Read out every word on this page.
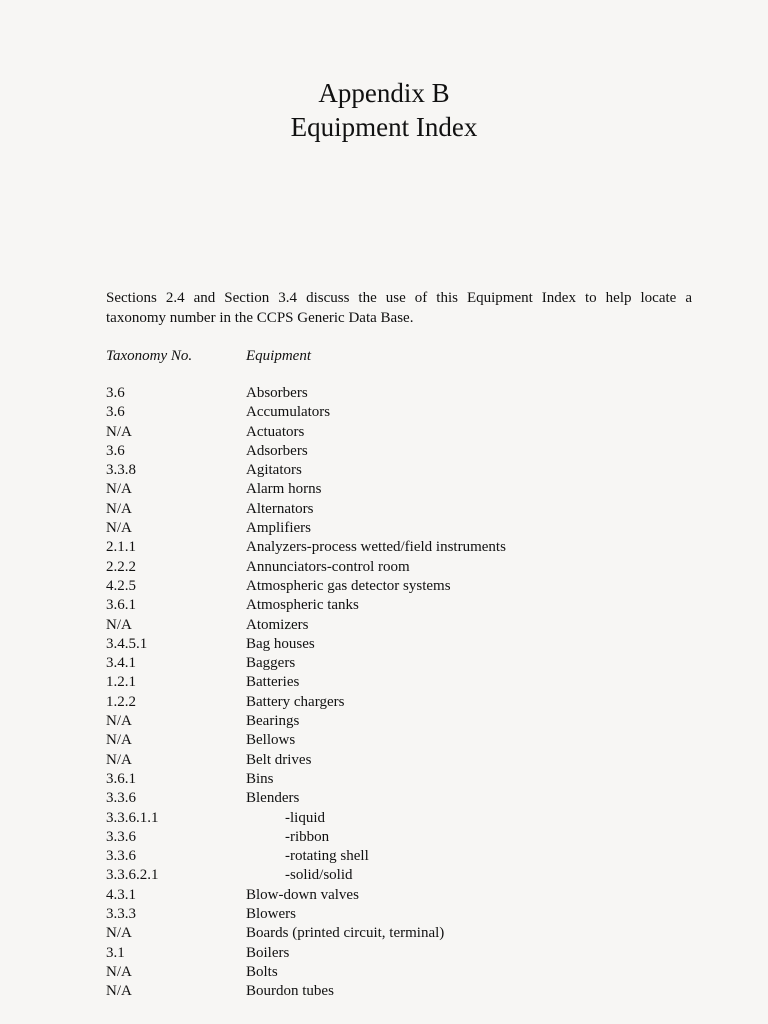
Appendix B
Equipment Index

Sections 2.4 and Section 3.4 discuss the use of this Equipment Index to help locate a

taxonomy number in the CCPS Generic Data Base.

Taxonomy No.	Equipment
3.6	Absorbers
3.6	Accumulators
N/A	Actuators
3.6	Adsorbers
3.3.8	Agitators
N/A	Alarm horns
N/A	Alternators
N/A	Amplifiers
2.1.1	Analyzers-process wetted/field instruments
2.2.2	Annunciators-control room
4.2.5	Atmospheric gas detector systems
3.6.1	Atmospheric tanks
N/A	Atomizers
3.4.5.1	Bag houses
3.4.1	Baggers
1.2.1	Batteries
1.2.2	Battery chargers
N/A	Bearings
N/A	Bellows
N/A	Belt drives
3.6.1	Bins
3.3.6	Blenders
3.3.6.1.1	-liquid
3.3.6	-ribbon
3.3.6	-rotating shell
3.3.6.2.1	-solid/solid
4.3.1	Blow-down valves
3.3.3	Blowers
N/A	Boards (printed circuit, terminal)
3.1	Boilers
N/A	Bolts
N/A	Bourdon tubes
